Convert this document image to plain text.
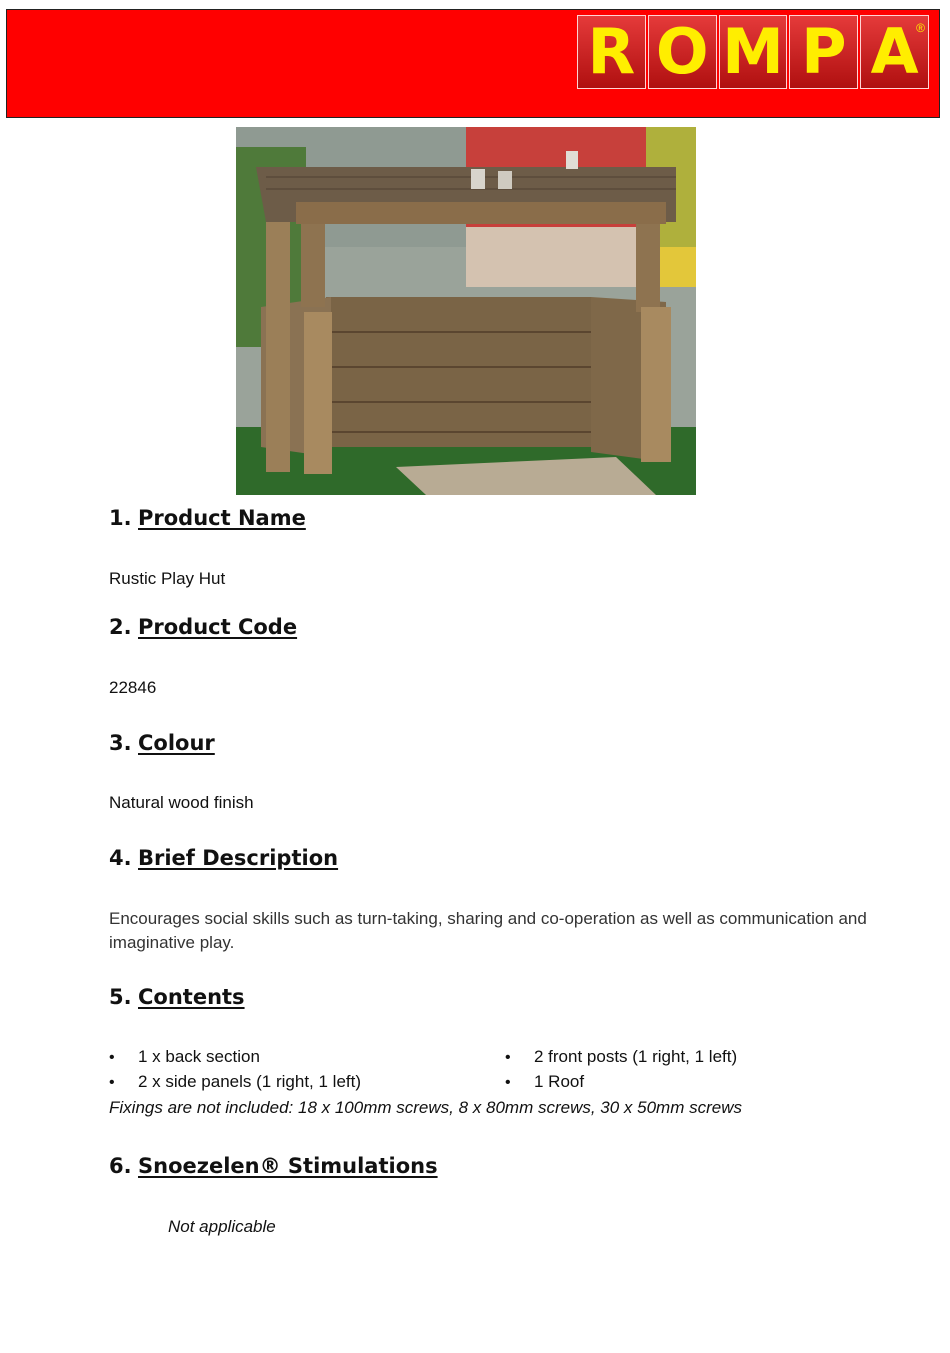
R O M P A
®
1. Product Name
Rustic Play Hut
2. Product Code
22846
3. Colour
Natural wood finish
4. Brief Description
Encourages social skills such as turn-taking, sharing and co-operation as well as communication and imaginative play.
5. Contents
• 1 x back section	• 2 front posts (1 right, 1 left)
• 2 x side panels (1 right, 1 left)	• 1 Roof
Fixings are not included: 18 x 100mm screws, 8 x 80mm screws, 30 x 50mm screws
6. Snoezelen® Stimulations
Not applicable
